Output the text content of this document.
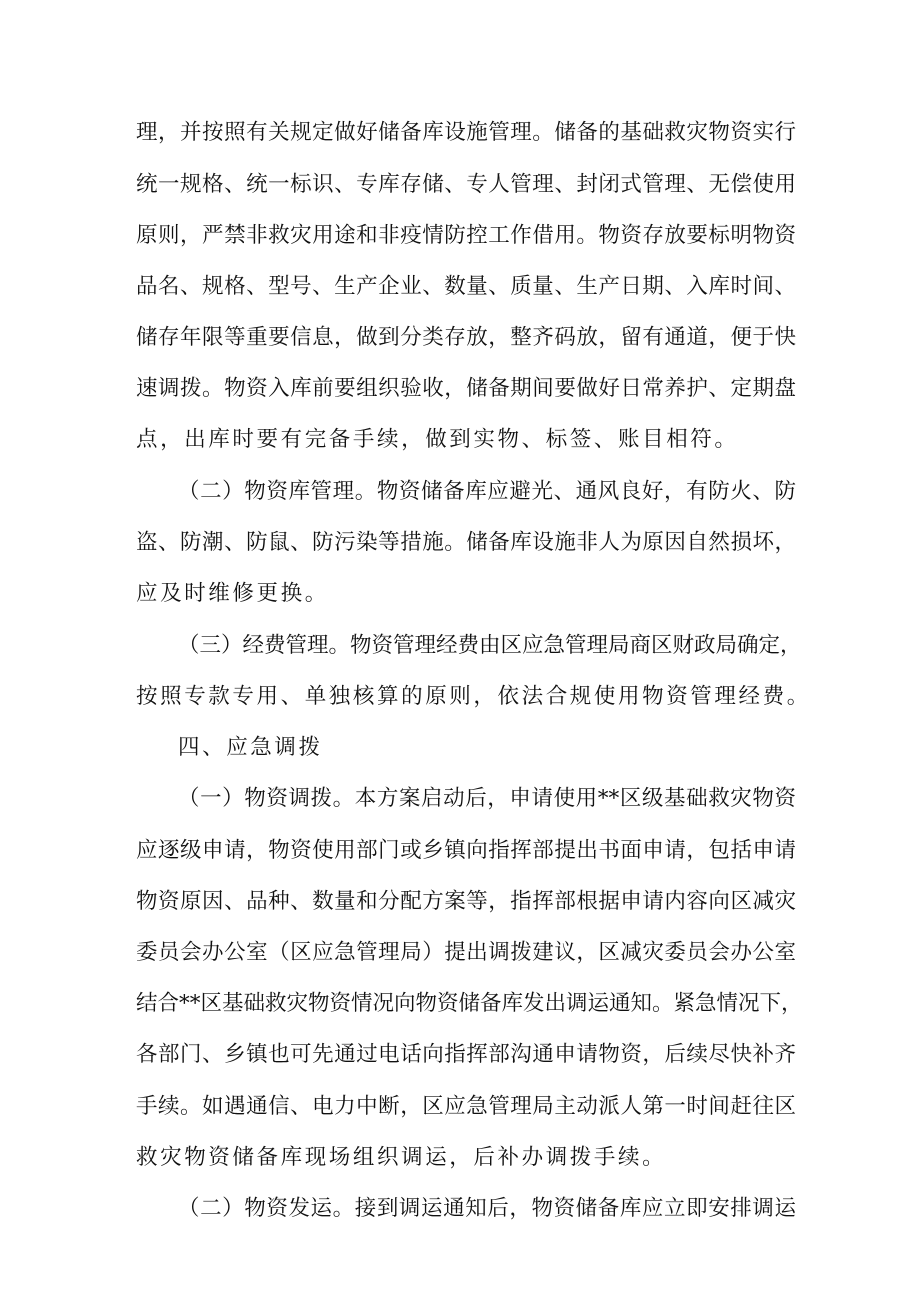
理，并按照有关规定做好储备库设施管理。储备的基础救灾物资实行
统一规格、统一标识、专库存储、专人管理、封闭式管理、无偿使用
原则，严禁非救灾用途和非疫情防控工作借用。物资存放要标明物资
品名、规格、型号、生产企业、数量、质量、生产日期、入库时间、
储存年限等重要信息，做到分类存放，整齐码放，留有通道，便于快
速调拨。物资入库前要组织验收，储备期间要做好日常养护、定期盘
点，出库时要有完备手续，做到实物、标签、账目相符。
（二）物资库管理。物资储备库应避光、通风良好，有防火、防
盗、防潮、防鼠、防污染等措施。储备库设施非人为原因自然损坏，
应及时维修更换。
（三）经费管理。物资管理经费由区应急管理局商区财政局确定，
按照专款专用、单独核算的原则，依法合规使用物资管理经费。
四、应急调拨
（一）物资调拨。本方案启动后，申请使用**区级基础救灾物资
应逐级申请，物资使用部门或乡镇向指挥部提出书面申请，包括申请
物资原因、品种、数量和分配方案等，指挥部根据申请内容向区减灾
委员会办公室（区应急管理局）提出调拨建议，区减灾委员会办公室
结合**区基础救灾物资情况向物资储备库发出调运通知。紧急情况下，
各部门、乡镇也可先通过电话向指挥部沟通申请物资，后续尽快补齐
手续。如遇通信、电力中断，区应急管理局主动派人第一时间赶往区
救灾物资储备库现场组织调运，后补办调拨手续。
（二）物资发运。接到调运通知后，物资储备库应立即安排调运
